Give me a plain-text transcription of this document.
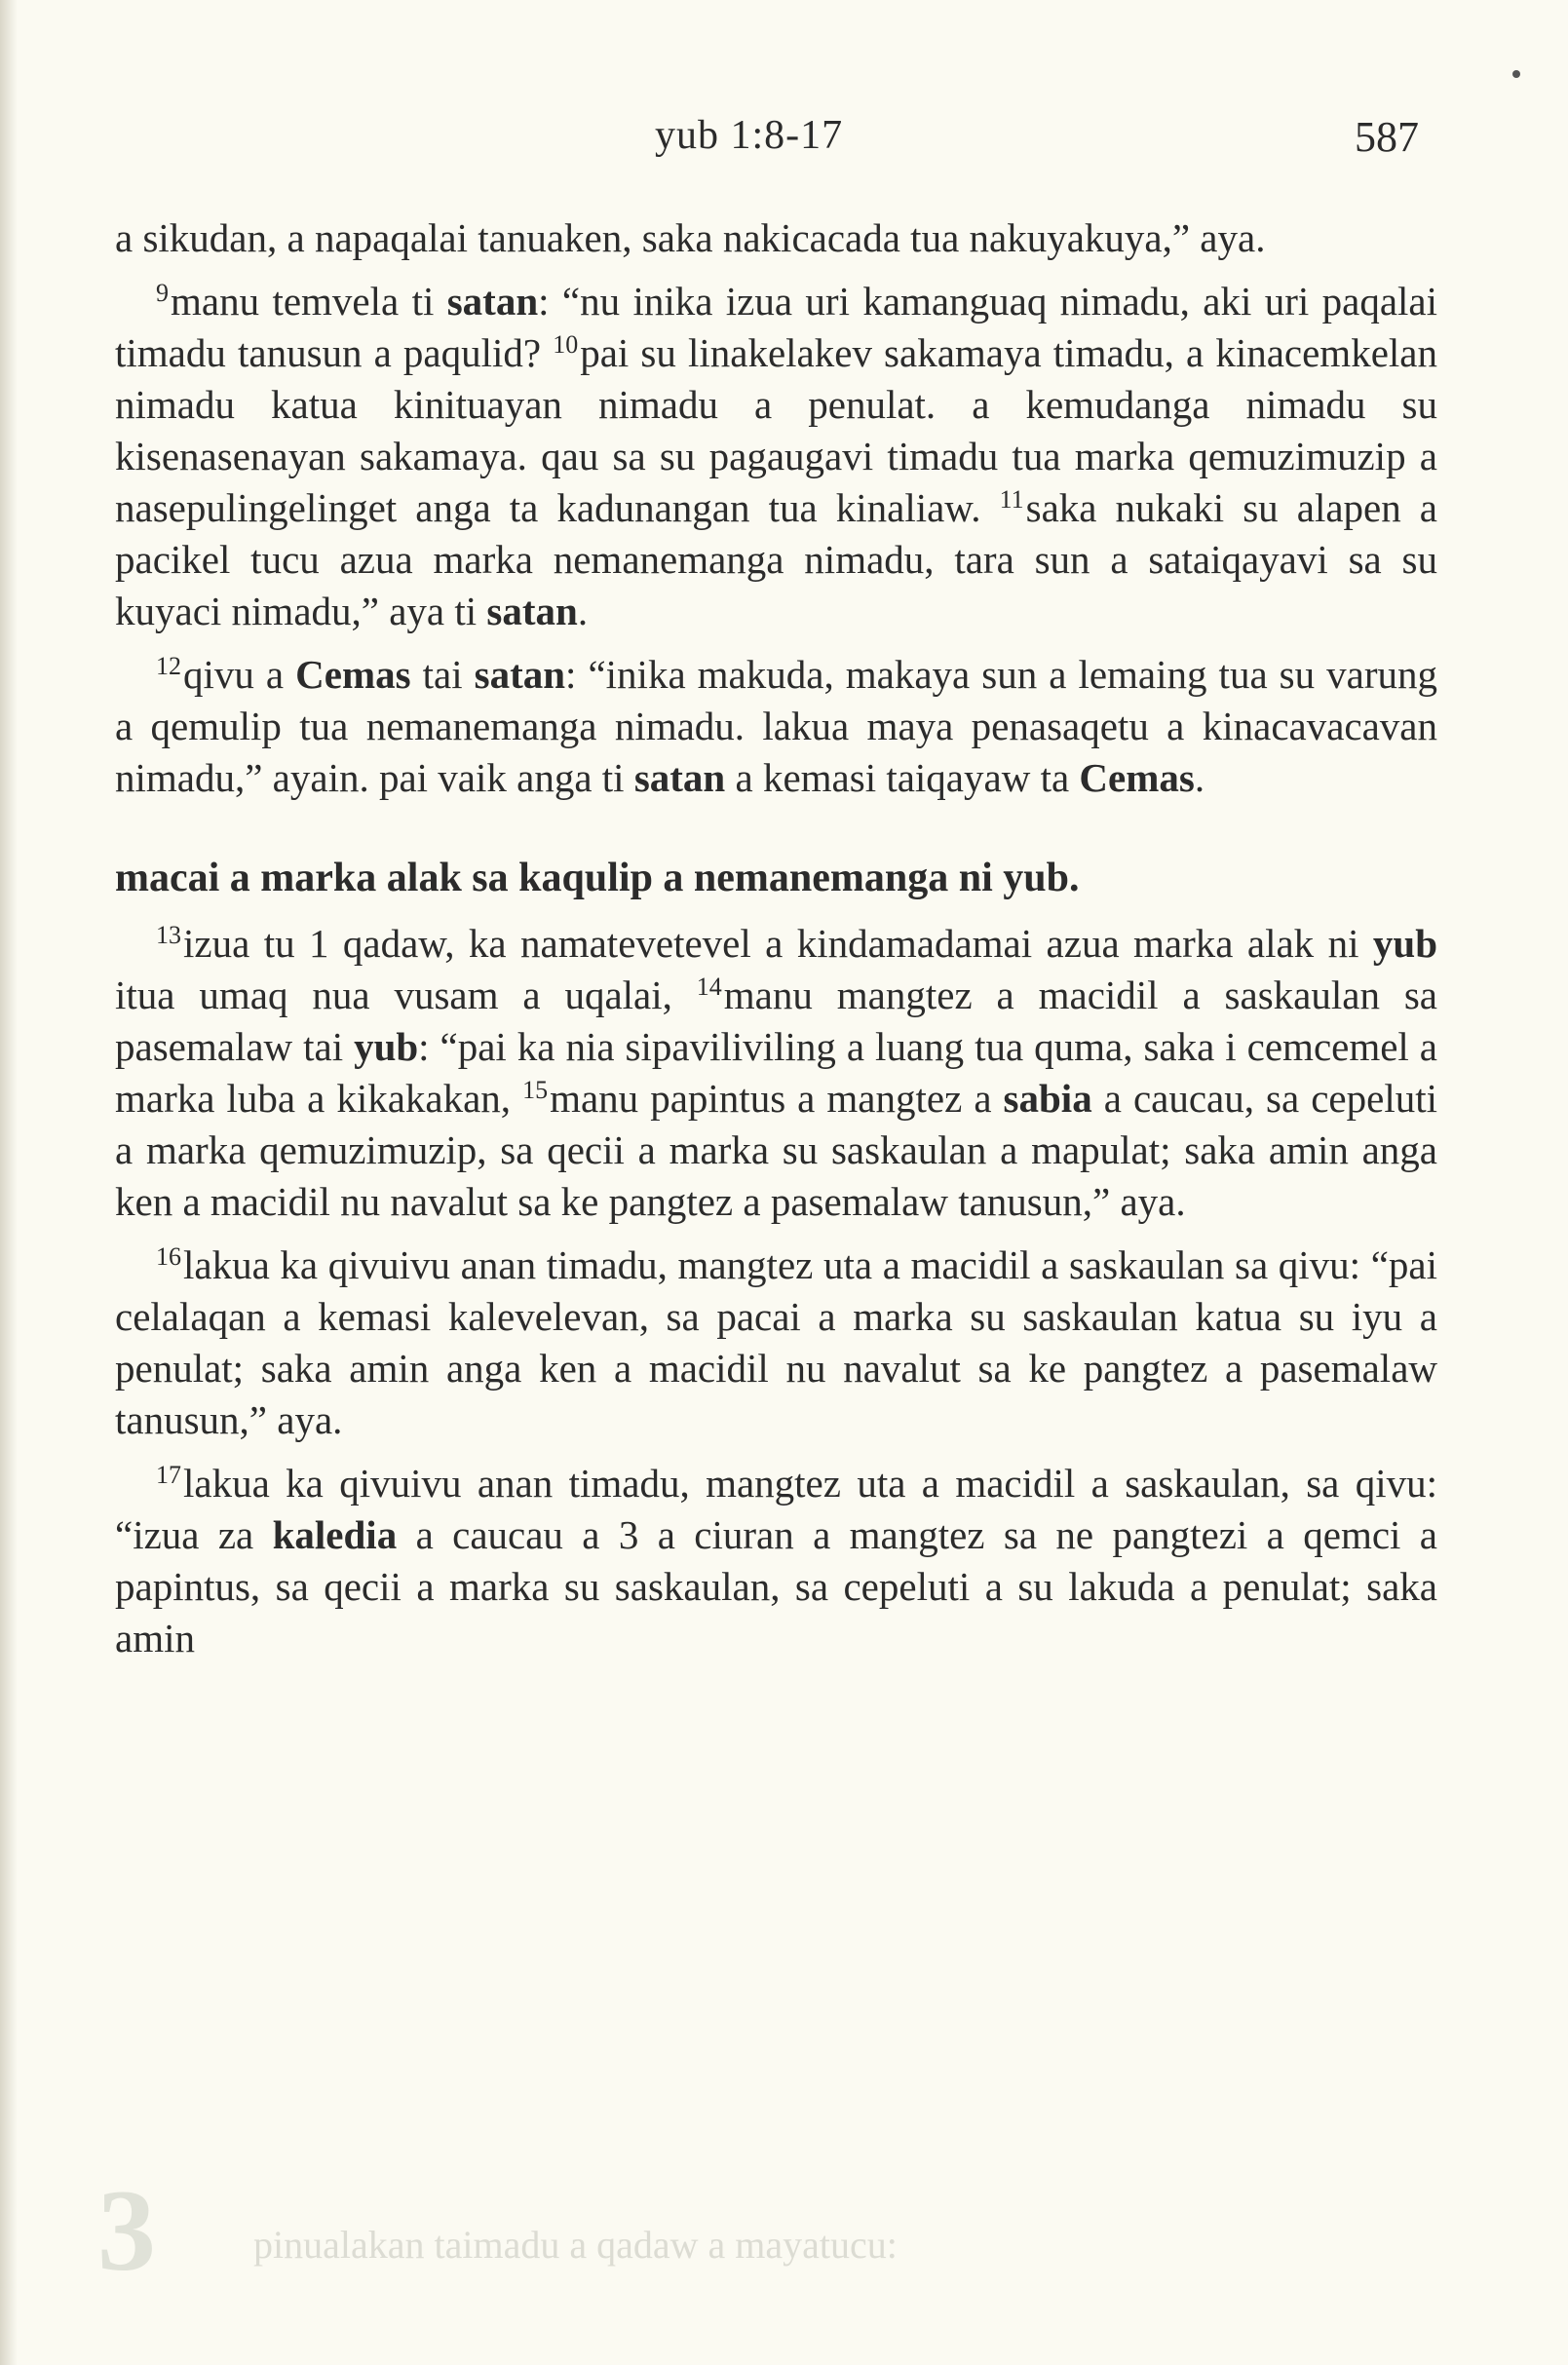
yub 1:8-17	587

a sikudan, a napaqalai tanuaken, saka nakicacada tua nakuyakuya,” aya.

$^9$manu temvela ti satan: “nu inika izua uri kamanguaq nimadu, aki uri paqalai timadu tanusun a paqulid? $^{10}$pai su linakelakev sakamaya timadu, a kinacemkelan nimadu katua kinituayan nimadu a penulat. a kemudanga nimadu su kisenasenayan sakamaya. qau sa su pagaugavi timadu tua marka qemuzimuzip a nasepulingelinget anga ta kadunangan tua kinaliaw. $^{11}$saka nukaki su alapen a pacikel tucu azua marka nemanemanga nimadu, tara sun a sataiqayavi sa su kuyaci nimadu,” aya ti satan.

$^{12}$qivu a Cemas tai satan: “inika makuda, makaya sun a lemaing tua su varung a qemulip tua nemanemanga nimadu. lakua maya penasaqetu a kinacavacavan nimadu,” ayain. pai vaik anga ti satan a kemasi taiqayaw ta Cemas.

macai a marka alak sa kaqulip a nemanemanga ni yub.

$^{13}$izua tu 1 qadaw, ka namatevetevel a kindamadamai azua marka alak ni yub itua umaq nua vusam a uqalai, $^{14}$manu mangtez a macidil a saskaulan sa pasemalaw tai yub: “pai ka nia sipaviliviling a luang tua quma, saka i cemcemel a marka luba a kikakakan, $^{15}$manu papintus a mangtez a sabia a caucau, sa cepeluti a marka qemuzimuzip, sa qecii a marka su saskaulan a mapulat; saka amin anga ken a macidil nu navalut sa ke pangtez a pasemalaw tanusun,” aya.

$^{16}$lakua ka qivuivu anan timadu, mangtez uta a macidil a saskaulan sa qivu: “pai celalaqan a kemasi kalevelevan, sa pacai a marka su saskaulan katua su iyu a penulat; saka amin anga ken a macidil nu navalut sa ke pangtez a pasemalaw tanusun,” aya.

$^{17}$lakua ka qivuivu anan timadu, mangtez uta a macidil a saskaulan, sa qivu: “izua za kaledia a caucau a 3 a ciuran a mangtez sa ne pangtezi a qemci a papintus, sa qecii a marka su saskaulan, sa cepeluti a su lakuda a penulat; saka amin

3	pinualakan taimadu a qadaw a mayatucu:
